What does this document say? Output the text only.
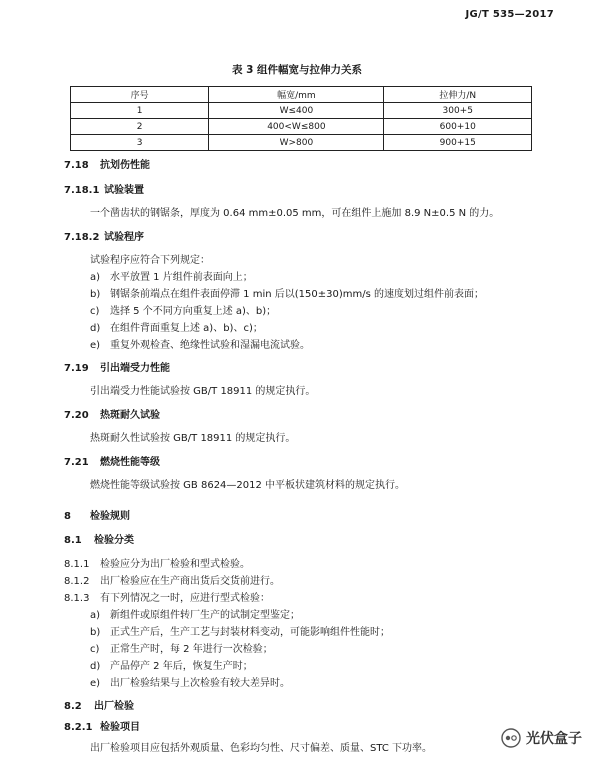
JG/T 535—2017
表 3 组件幅宽与拉伸力关系
序号	幅宽/mm	拉伸力/N
1	W≤400	300+5
2	400<W≤800	600+10
3	W>800	900+15
7.18 抗划伤性能
7.18.1 试验装置
一个凿齿状的钢锯条，厚度为 0.64 mm±0.05 mm，可在组件上施加 8.9 N±0.5 N 的力。
7.18.2 试验程序
试验程序应符合下列规定：
a) 水平放置 1 片组件前表面向上；
b) 钢锯条前端点在组件表面停滞 1 min 后以(150±30)mm/s 的速度划过组件前表面；
c) 选择 5 个不同方向重复上述 a)、b)；
d) 在组件背面重复上述 a)、b)、c)；
e) 重复外观检查、绝缘性试验和湿漏电流试验。
7.19 引出端受力性能
引出端受力性能试验按 GB/T 18911 的规定执行。
7.20 热斑耐久试验
热斑耐久性试验按 GB/T 18911 的规定执行。
7.21 燃烧性能等级
燃烧性能等级试验按 GB 8624—2012 中平板状建筑材料的规定执行。
8 检验规则
8.1 检验分类
8.1.1 检验应分为出厂检验和型式检验。
8.1.2 出厂检验应在生产商出货后交货前进行。
8.1.3 有下列情况之一时，应进行型式检验：
a) 新组件或原组件转厂生产的试制定型鉴定；
b) 正式生产后，生产工艺与封装材料变动，可能影响组件性能时；
c) 正常生产时，每 2 年进行一次检验；
d) 产品停产 2 年后，恢复生产时；
e) 出厂检验结果与上次检验有较大差异时。
8.2 出厂检验
8.2.1 检验项目
出厂检验项目应包括外观质量、色彩均匀性、尺寸偏差、质量、STC 下功率。
光伏盒子
